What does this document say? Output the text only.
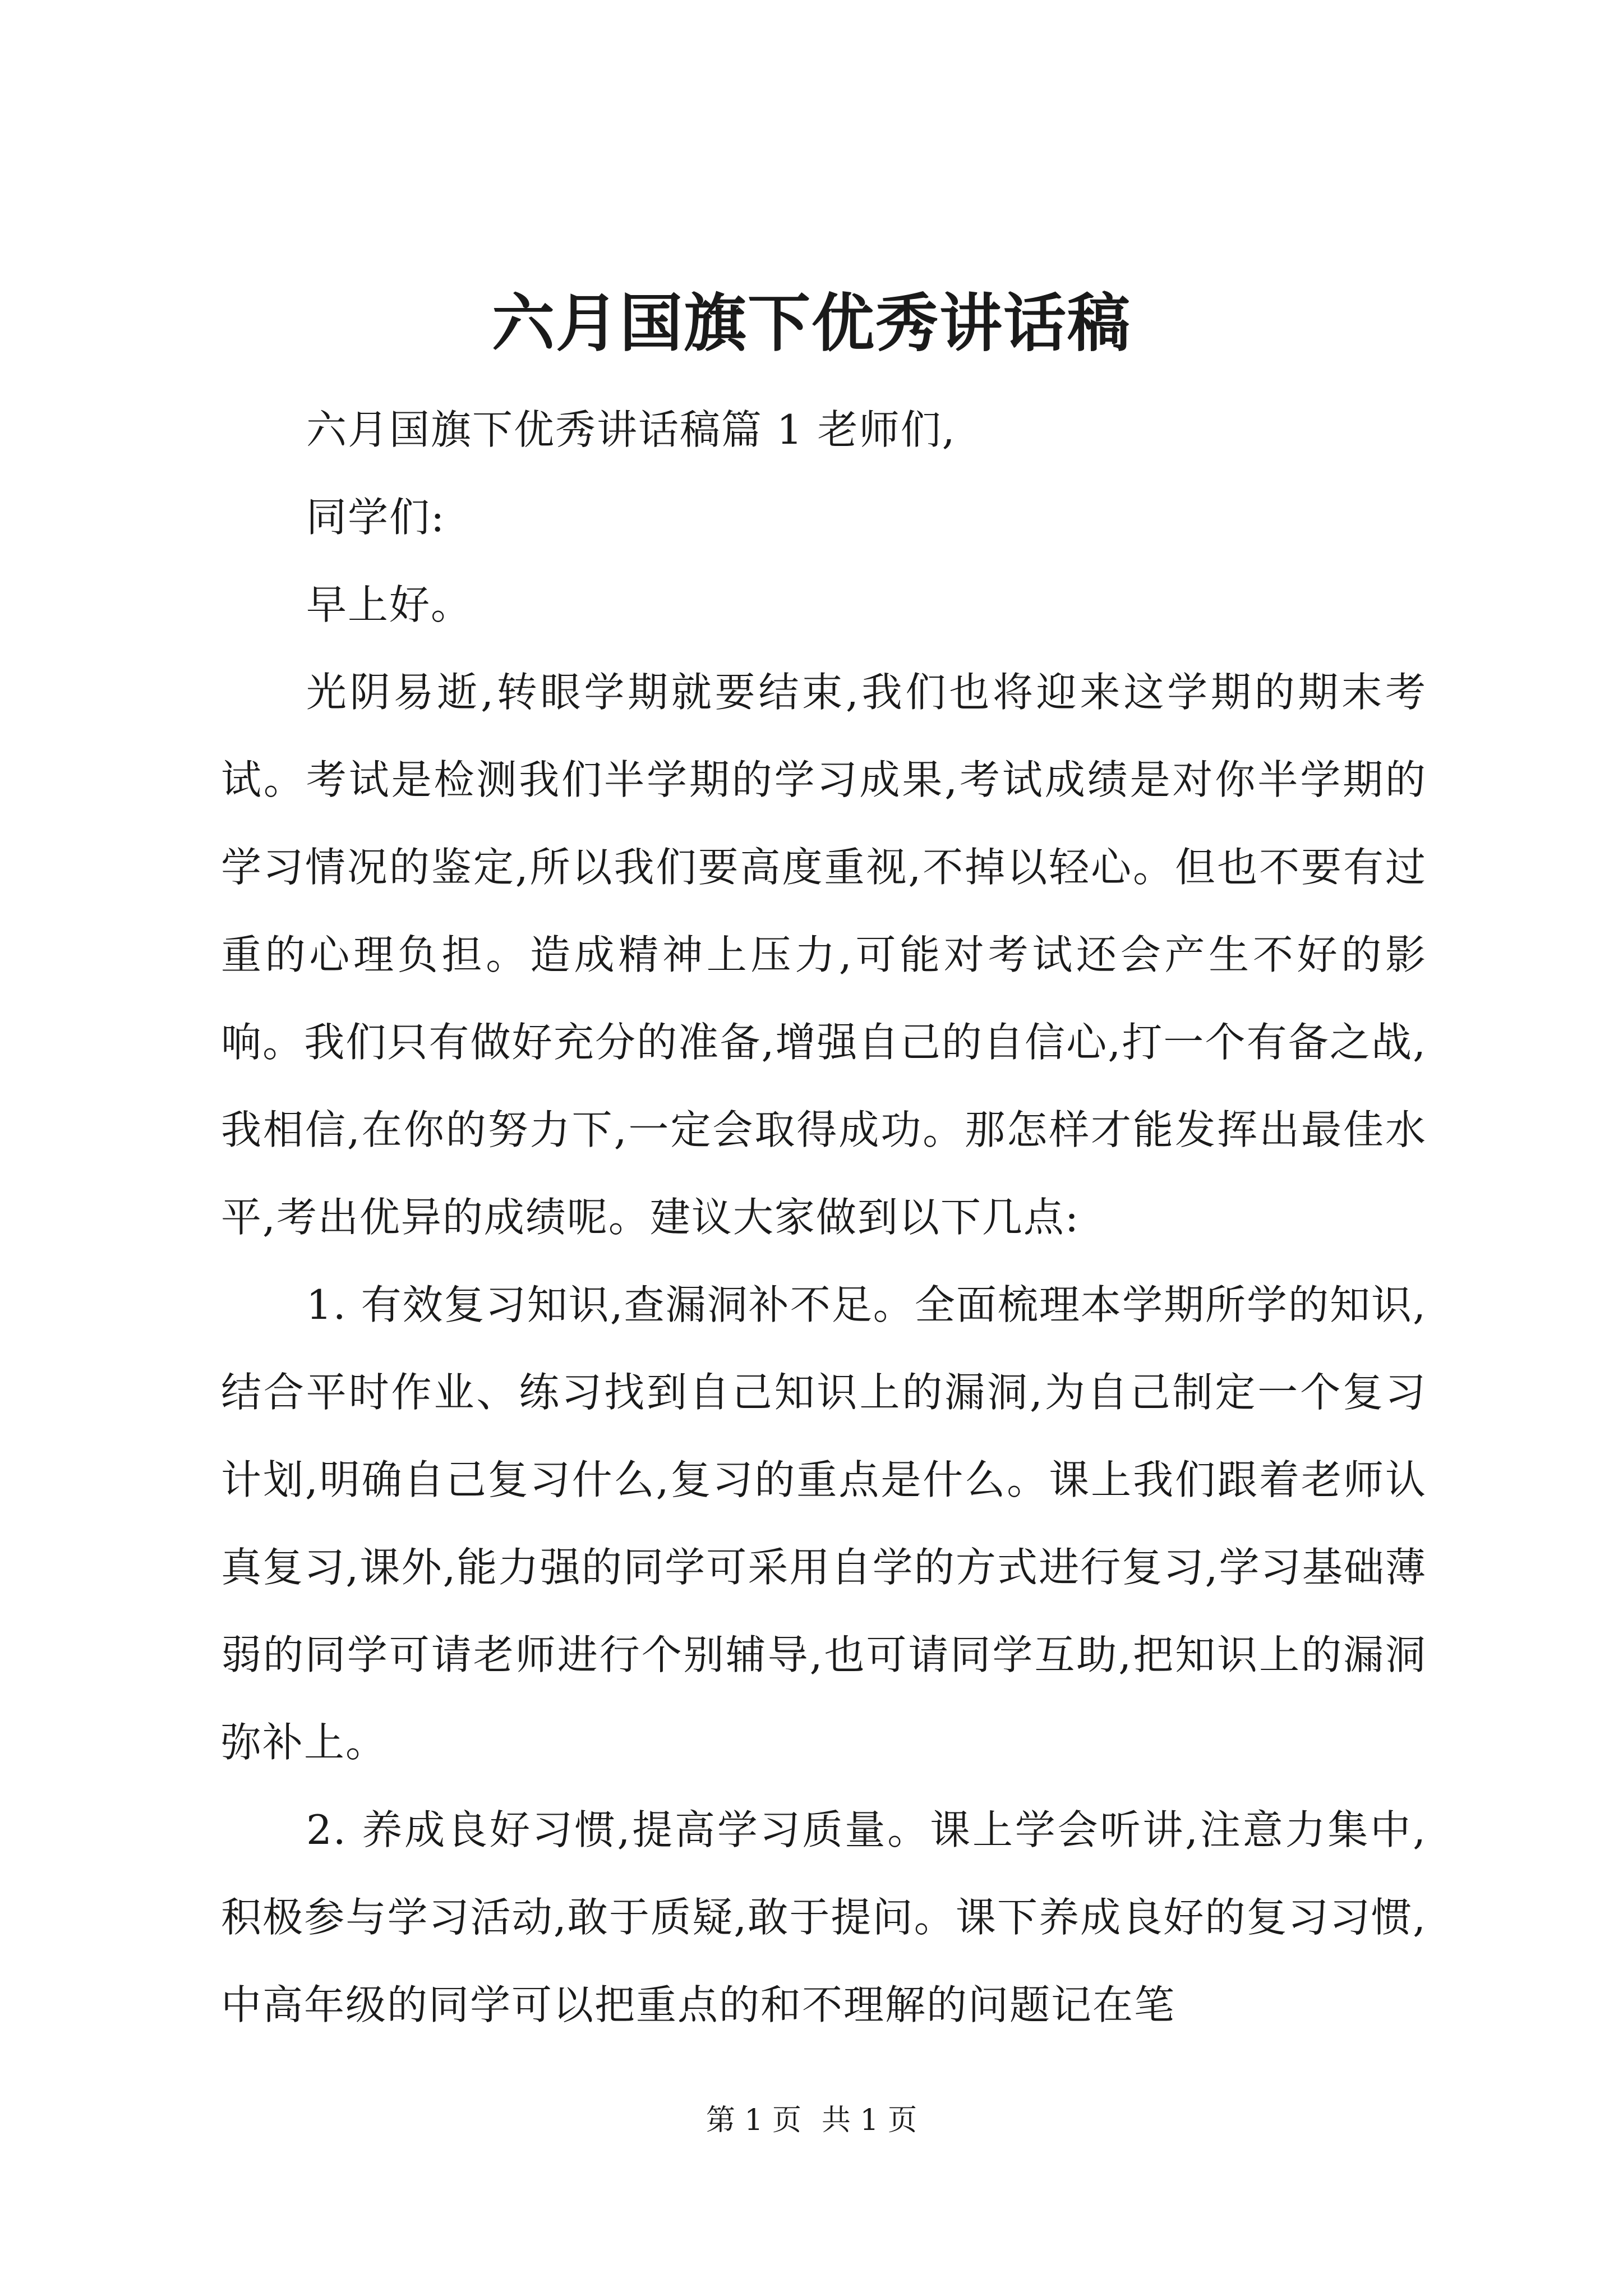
六月国旗下优秀讲话稿

六月国旗下优秀讲话稿篇 1 老师们,

同学们:

早上好。

光阴易逝,转眼学期就要结束,我们也将迎来这学期的期末考试。考试是检测我们半学期的学习成果,考试成绩是对你半学期的学习情况的鉴定,所以我们要高度重视,不掉以轻心。但也不要有过重的心理负担。造成精神上压力,可能对考试还会产生不好的影响。我们只有做好充分的准备,增强自己的自信心,打一个有备之战,我相信,在你的努力下,一定会取得成功。那怎样才能发挥出最佳水平,考出优异的成绩呢。建议大家做到以下几点:

1. 有效复习知识,查漏洞补不足。全面梳理本学期所学的知识,结合平时作业、练习找到自己知识上的漏洞,为自己制定一个复习计划,明确自己复习什么,复习的重点是什么。课上我们跟着老师认真复习,课外,能力强的同学可采用自学的方式进行复习,学习基础薄弱的同学可请老师进行个别辅导,也可请同学互助,把知识上的漏洞弥补上。

2. 养成良好习惯,提高学习质量。课上学会听讲,注意力集中,积极参与学习活动,敢于质疑,敢于提问。课下养成良好的复习习惯,中高年级的同学可以把重点的和不理解的问题记在笔

第 1 页 共 1 页
